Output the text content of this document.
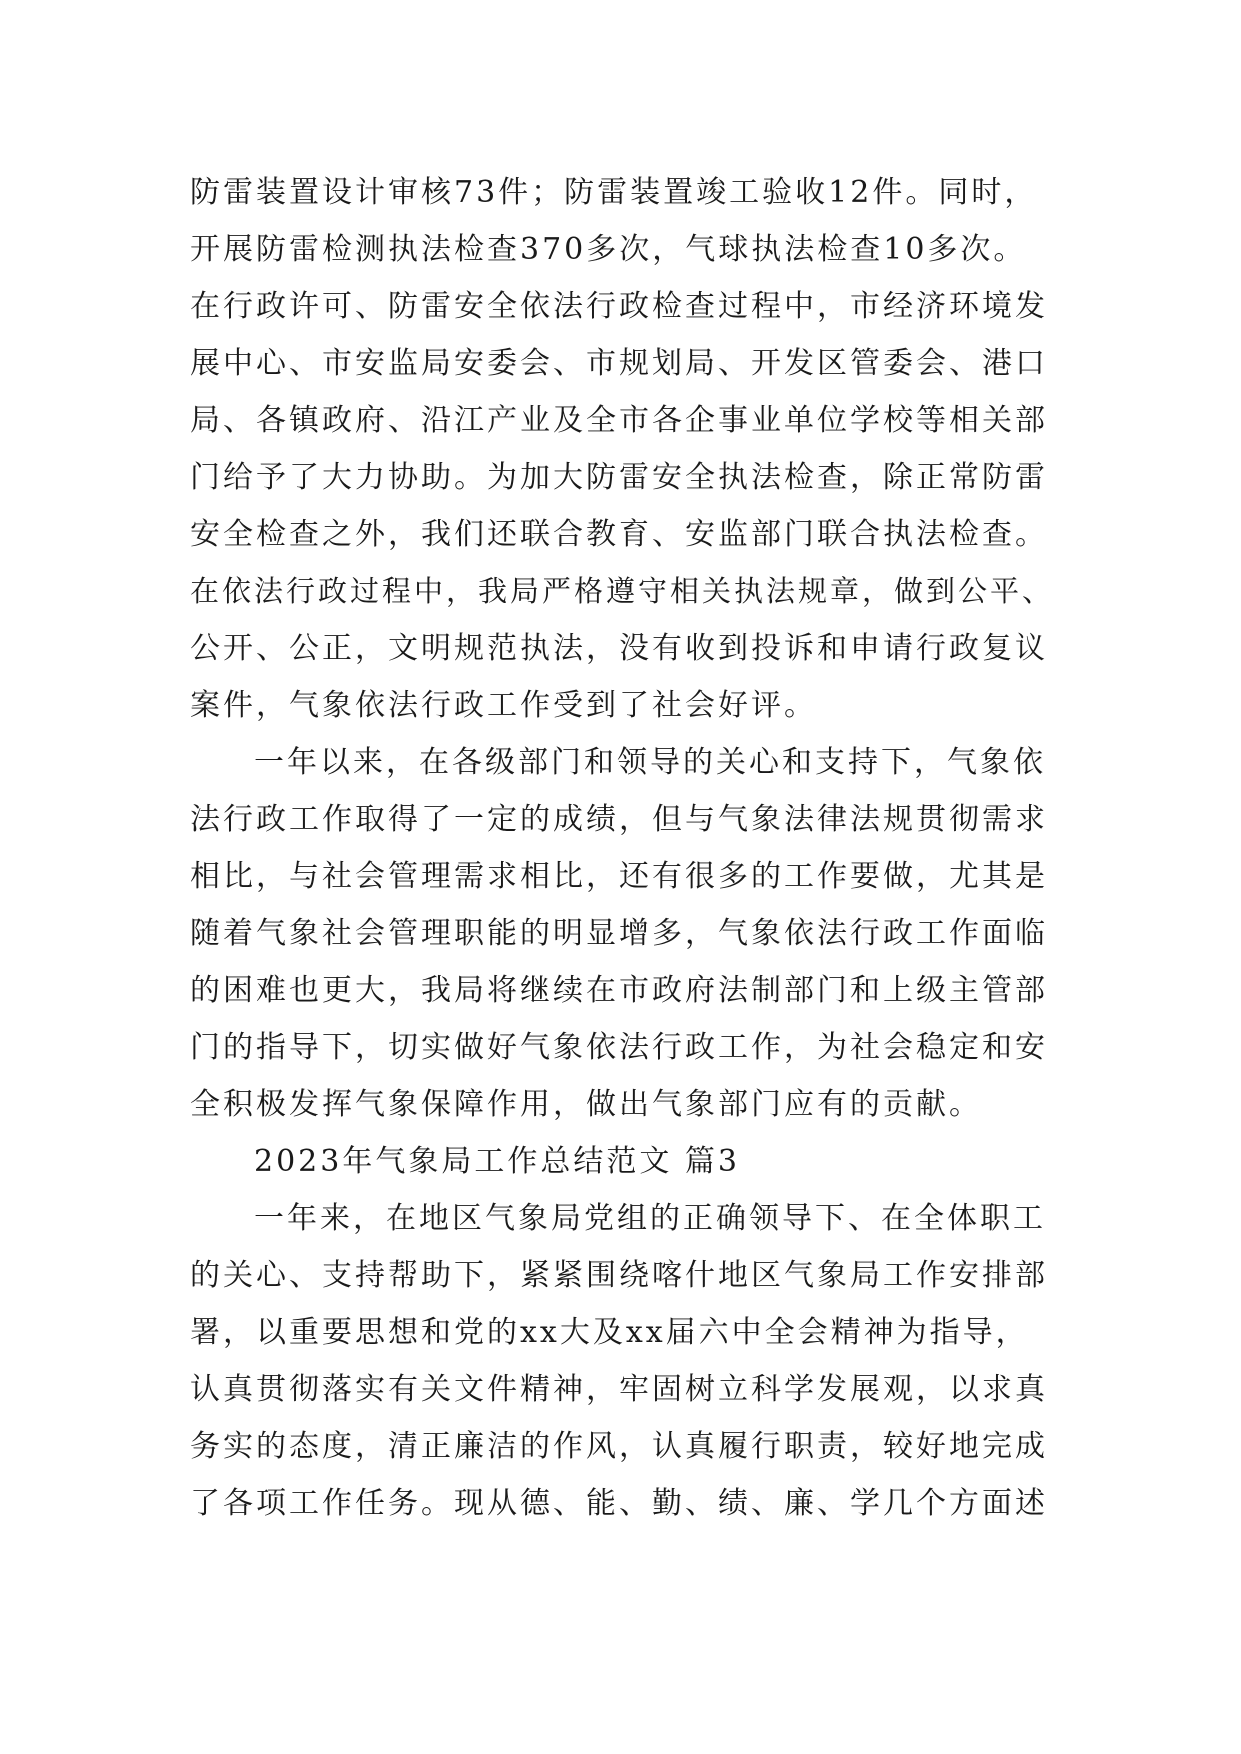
防雷装置设计审核73件；防雷装置竣工验收12件。同时，
开展防雷检测执法检查370多次，气球执法检查10多次。
在行政许可、防雷安全依法行政检查过程中，市经济环境发
展中心、市安监局安委会、市规划局、开发区管委会、港口
局、各镇政府、沿江产业及全市各企事业单位学校等相关部
门给予了大力协助。为加大防雷安全执法检查，除正常防雷
安全检查之外，我们还联合教育、安监部门联合执法检查。
在依法行政过程中，我局严格遵守相关执法规章，做到公平、
公开、公正，文明规范执法，没有收到投诉和申请行政复议
案件，气象依法行政工作受到了社会好评。
一年以来，在各级部门和领导的关心和支持下，气象依
法行政工作取得了一定的成绩，但与气象法律法规贯彻需求
相比，与社会管理需求相比，还有很多的工作要做，尤其是
随着气象社会管理职能的明显增多，气象依法行政工作面临
的困难也更大，我局将继续在市政府法制部门和上级主管部
门的指导下，切实做好气象依法行政工作，为社会稳定和安
全积极发挥气象保障作用，做出气象部门应有的贡献。
2023年气象局工作总结范文 篇3
一年来，在地区气象局党组的正确领导下、在全体职工
的关心、支持帮助下，紧紧围绕喀什地区气象局工作安排部
署，以重要思想和党的xx大及xx届六中全会精神为指导，
认真贯彻落实有关文件精神，牢固树立科学发展观，以求真
务实的态度，清正廉洁的作风，认真履行职责，较好地完成
了各项工作任务。现从德、能、勤、绩、廉、学几个方面述
